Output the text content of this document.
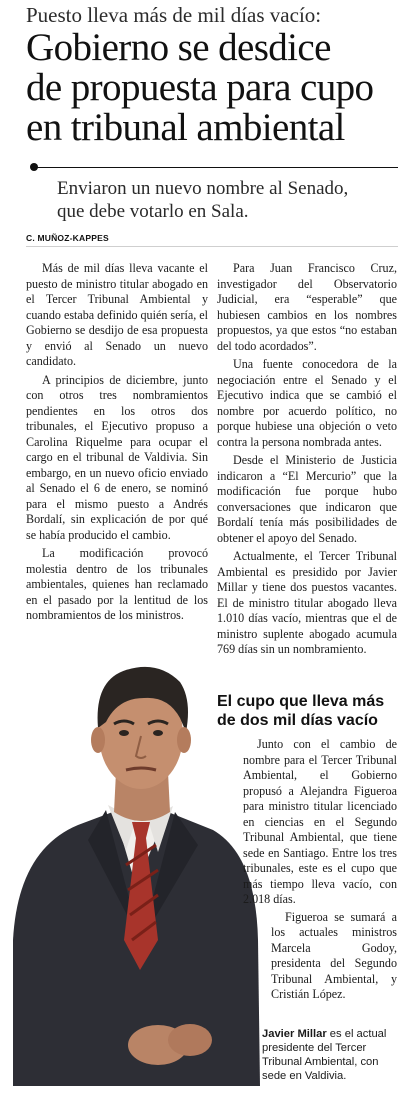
Puesto lleva más de mil días vacío:
Gobierno se desdice
de propuesta para cupo
en tribunal ambiental
Enviaron un nuevo nombre al Senado,
que debe votarlo en Sala.
C. MUÑOZ-KAPPES

Más de mil días lleva vacante el puesto de ministro titular abogado en el Tercer Tribunal Ambiental y cuando estaba definido quién sería, el Gobierno se desdijo de esa propuesta y envió al Senado un nuevo candidato.

A principios de diciembre, junto con otros tres nombramientos pendientes en los otros dos tribunales, el Ejecutivo propuso a Carolina Riquelme para ocupar el cargo en el tribunal de Valdivia. Sin embargo, en un nuevo oficio enviado al Senado el 6 de enero, se nominó para el mismo puesto a Andrés Bordalí, sin explicación de por qué se había producido el cambio.

La modificación provocó molestia dentro de los tribunales ambientales, quienes han reclamado en el pasado por la lentitud de los nombramientos de los ministros.

Para Juan Francisco Cruz, investigador del Observatorio Judicial, era “esperable” que hubiesen cambios en los nombres propuestos, ya que estos “no estaban del todo acordados”.

Una fuente conocedora de la negociación entre el Senado y el Ejecutivo indica que se cambió el nombre por acuerdo político, no porque hubiese una objeción o veto contra la persona nombrada antes.

Desde el Ministerio de Justicia indicaron a “El Mercurio” que la modificación fue porque hubo conversaciones que indicaron que Bordalí tenía más posibilidades de obtener el apoyo del Senado.

Actualmente, el Tercer Tribunal Ambiental es presidido por Javier Millar y tiene dos puestos vacantes. El de ministro titular abogado lleva 1.010 días vacío, mientras que el de ministro suplente abogado acumula 769 días sin un nombramiento.

El cupo que lleva más
de dos mil días vacío

Junto con el cambio de nombre para el Tercer Tribunal Ambiental, el Gobierno propusó a Alejandra Figueroa para ministro titular licenciado en ciencias en el Segundo Tribunal Ambiental, que tiene sede en Santiago. Entre los tres tribunales, este es el cupo que más tiempo lleva vacío, con 2.018 días.

Figueroa se sumará a los actuales ministros Marcela Godoy, presidenta del Segundo Tribunal Ambiental, y Cristián López.

Javier Millar es el actual presidente del Tercer Tribunal Ambiental, con sede en Valdivia.
